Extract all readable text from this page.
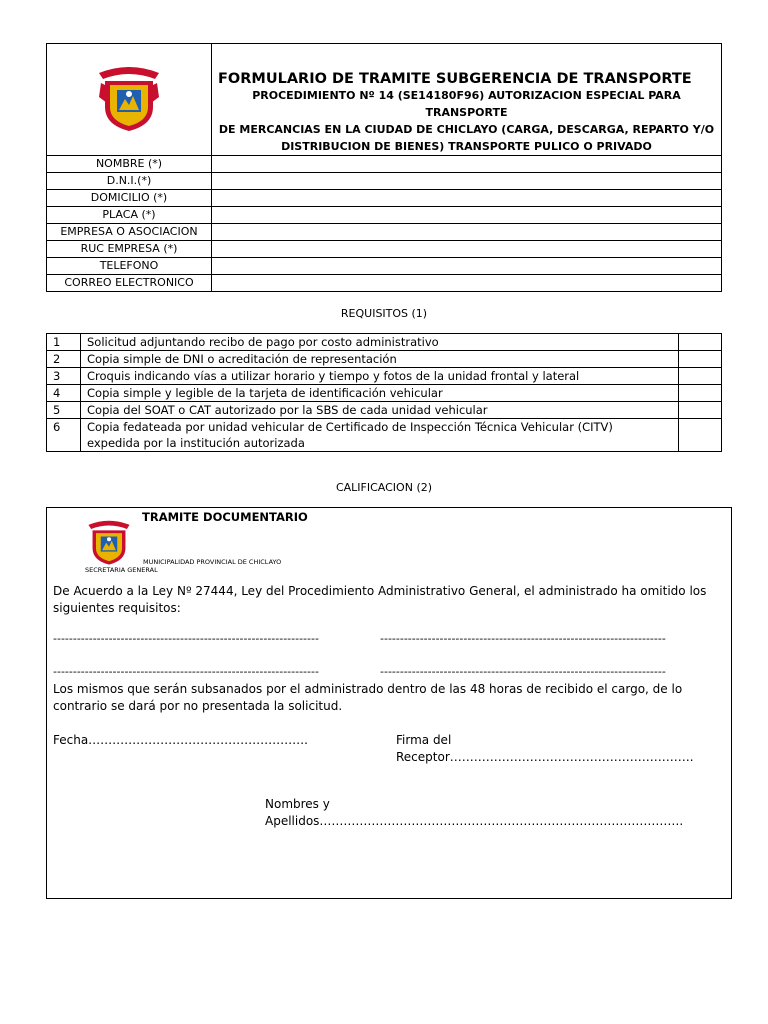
FORMULARIO DE TRAMITE SUBGERENCIA DE TRANSPORTE
PROCEDIMIENTO Nº 14 (SE14180F96) AUTORIZACION ESPECIAL PARA TRANSPORTE
DE MERCANCIAS EN LA CIUDAD DE CHICLAYO (CARGA, DESCARGA, REPARTO Y/O
DISTRIBUCION DE BIENES) TRANSPORTE PULICO O PRIVADO

NOMBRE (*)	
D.N.I.(*)	
DOMICILIO (*)	
PLACA (*)	
EMPRESA O ASOCIACION	
RUC EMPRESA (*)	
TELEFONO	
CORREO ELECTRONICO	
REQUISITOS (1)
1	Solicitud adjuntando recibo de pago por costo administrativo	
2	Copia simple de DNI o acreditación de representación	
3	Croquis indicando vías a utilizar horario y tiempo y fotos de la unidad frontal y lateral	
4	Copia simple y legible de la tarjeta de identificación vehicular	
5	Copia del SOAT o CAT autorizado por la SBS de cada unidad vehicular	
6	Copia fedateada por unidad vehicular de Certificado de Inspección Técnica Vehicular (CITV)
expedida por la institución autorizada	

CALIFICACION (2)
TRAMITE DOCUMENTARIO
MUNICIPALIDAD PROVINCIAL DE CHICLAYO
SECRETARIA GENERAL
De Acuerdo a la Ley Nº 27444, Ley del Procedimiento Administrativo General, el administrado ha omitido los siguientes requisitos:
-------------------------------------------------------------------	------------------------------------------------------------------------
-------------------------------------------------------------------	------------------------------------------------------------------------
Los mismos que serán subsanados por el administrado dentro de las 48 horas de recibido el cargo, de lo contrario se dará por no presentada la solicitud.
Fecha……………………………………………….	Firma del Receptor…………………………………………………….
Nombres y Apellidos……………………………………………………………………………….
